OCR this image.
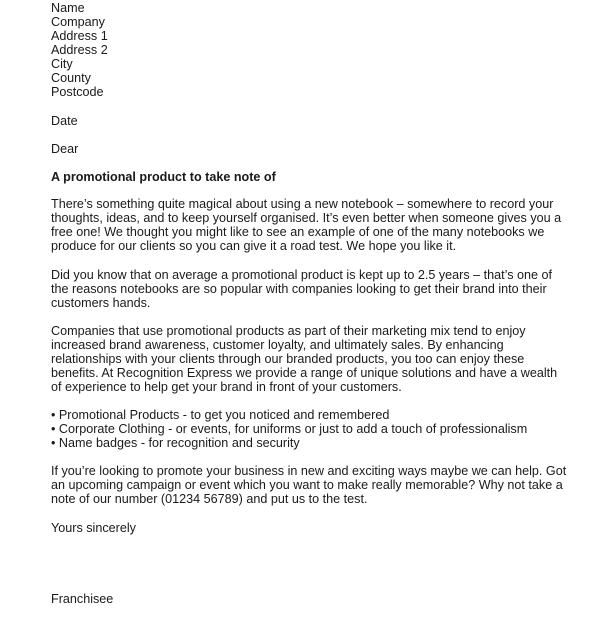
Name
Company
Address 1
Address 2
City
County
Postcode
Date
Dear
A promotional product to take note of
There’s something quite magical about using a new notebook – somewhere to record your
thoughts, ideas, and to keep yourself organised. It’s even better when someone gives you a
free one! We thought you might like to see an example of one of the many notebooks we
produce for our clients so you can give it a road test. We hope you like it.
Did you know that on average a promotional product is kept up to 2.5 years – that’s one of
the reasons notebooks are so popular with companies looking to get their brand into their
customers hands.
Companies that use promotional products as part of their marketing mix tend to enjoy
increased brand awareness, customer loyalty, and ultimately sales. By enhancing
relationships with your clients through our branded products, you too can enjoy these
benefits. At Recognition Express we provide a range of unique solutions and have a wealth
of experience to help get your brand in front of your customers.
• Promotional Products - to get you noticed and remembered
• Corporate Clothing - or events, for uniforms or just to add a touch of professionalism
• Name badges - for recognition and security
If you’re looking to promote your business in new and exciting ways maybe we can help. Got
an upcoming campaign or event which you want to make really memorable? Why not take a
note of our number (01234 56789) and put us to the test.
Yours sincerely
Franchisee
